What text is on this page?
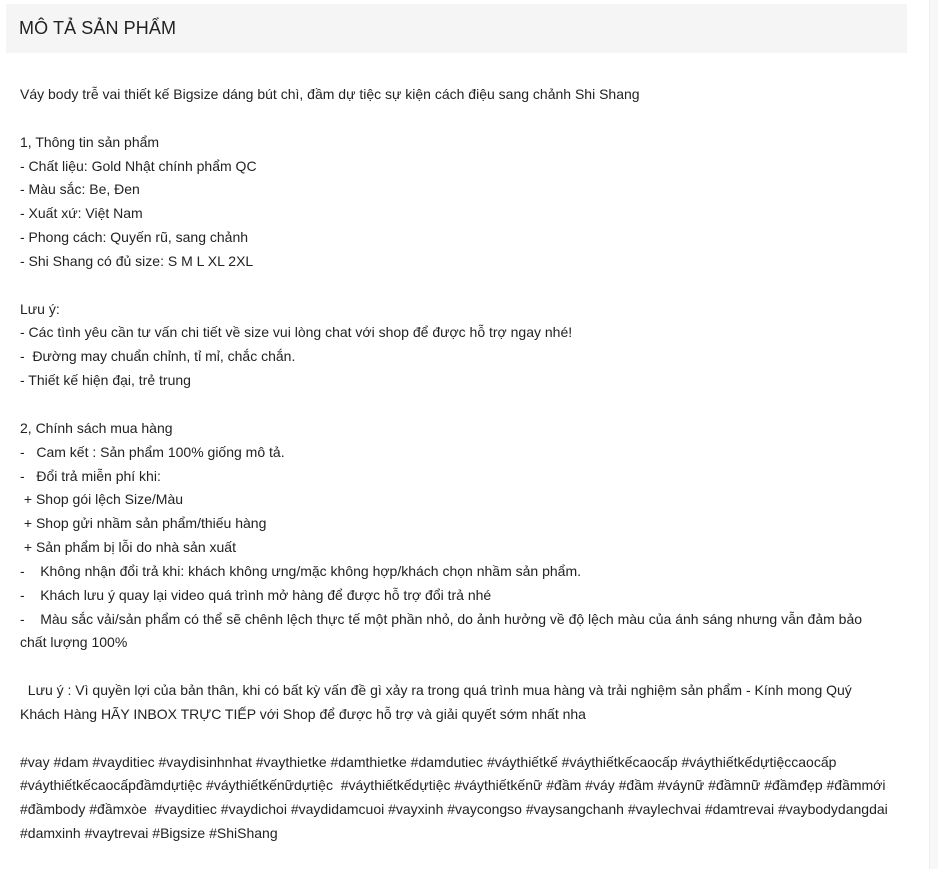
MÔ TẢ SẢN PHẨM

Váy body trễ vai thiết kế Bigsize dáng bút chì, đầm dự tiệc sự kiện cách điệu sang chảnh Shi Shang

1, Thông tin sản phẩm

- Chất liệu: Gold Nhật chính phẩm QC

- Màu sắc: Be, Đen

- Xuất xứ: Việt Nam

- Phong cách: Quyến rũ, sang chảnh

- Shi Shang có đủ size: S M L XL 2XL

Lưu ý:

- Các tình yêu cần tư vấn chi tiết về size vui lòng chat với shop để được hỗ trợ ngay nhé!

-  Đường may chuẩn chỉnh, tỉ mỉ, chắc chắn.

- Thiết kế hiện đại, trẻ trung

2, Chính sách mua hàng

-   Cam kết : Sản phẩm 100% giống mô tả.

-   Đổi trả miễn phí khi:

+ Shop gói lệch Size/Màu

+ Shop gửi nhầm sản phẩm/thiếu hàng

+ Sản phẩm bị lỗi do nhà sản xuất

-    Không nhận đổi trả khi: khách không ưng/mặc không hợp/khách chọn nhầm sản phẩm.

-    Khách lưu ý quay lại video quá trình mở hàng để được hỗ trợ đổi trả nhé

-    Màu sắc vải/sản phẩm có thể sẽ chênh lệch thực tế một phần nhỏ, do ảnh hưởng về độ lệch màu của ánh sáng nhưng vẫn đảm bảo chất lượng 100%

Lưu ý : Vì quyền lợi của bản thân, khi có bất kỳ vấn đề gì xảy ra trong quá trình mua hàng và trải nghiệm sản phẩm - Kính mong Quý Khách Hàng HÃY INBOX TRỰC TIẾP với Shop để được hỗ trợ và giải quyết sớm nhất nha

#vay #dam #vayditiec #vaydisinhnhat #vaythietke #damthietke #damdutiec #váythiếtkế #váythiếtkếcaocấp #váythiếtkếdựtiệccaocấp #váythiếtkếcaocấpđầmdựtiệc #váythiếtkếnữdựtiệc  #váythiếtkếdựtiệc #váythiếtkếnữ #đầm #váy #đầm #váynữ #đầmnữ #đầmđẹp #đầmmới #đầmbody #đầmxòe  #vayditiec #vaydichoi #vaydidamcuoi #vayxinh #vaycongso #vaysangchanh #vaylechvai #damtrevai #vaybodydangdai #damxinh #vaytrevai #Bigsize #ShiShang
